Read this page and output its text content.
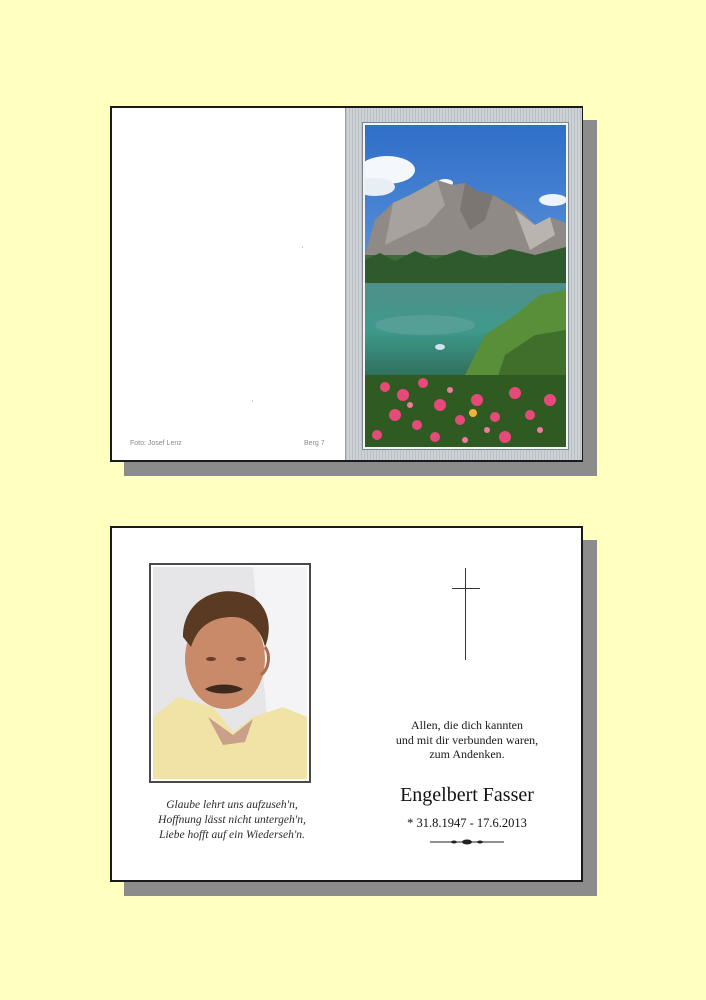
Foto: Josef Lenz	Berg 7
Glaube lehrt uns aufzuseh'n,
Hoffnung lässt nicht untergeh'n,
Liebe hofft auf ein Wiederseh'n.
Allen, die dich kannten
und mit dir verbunden waren,
zum Andenken.
Engelbert Fasser
* 31.8.1947 - 17.6.2013
